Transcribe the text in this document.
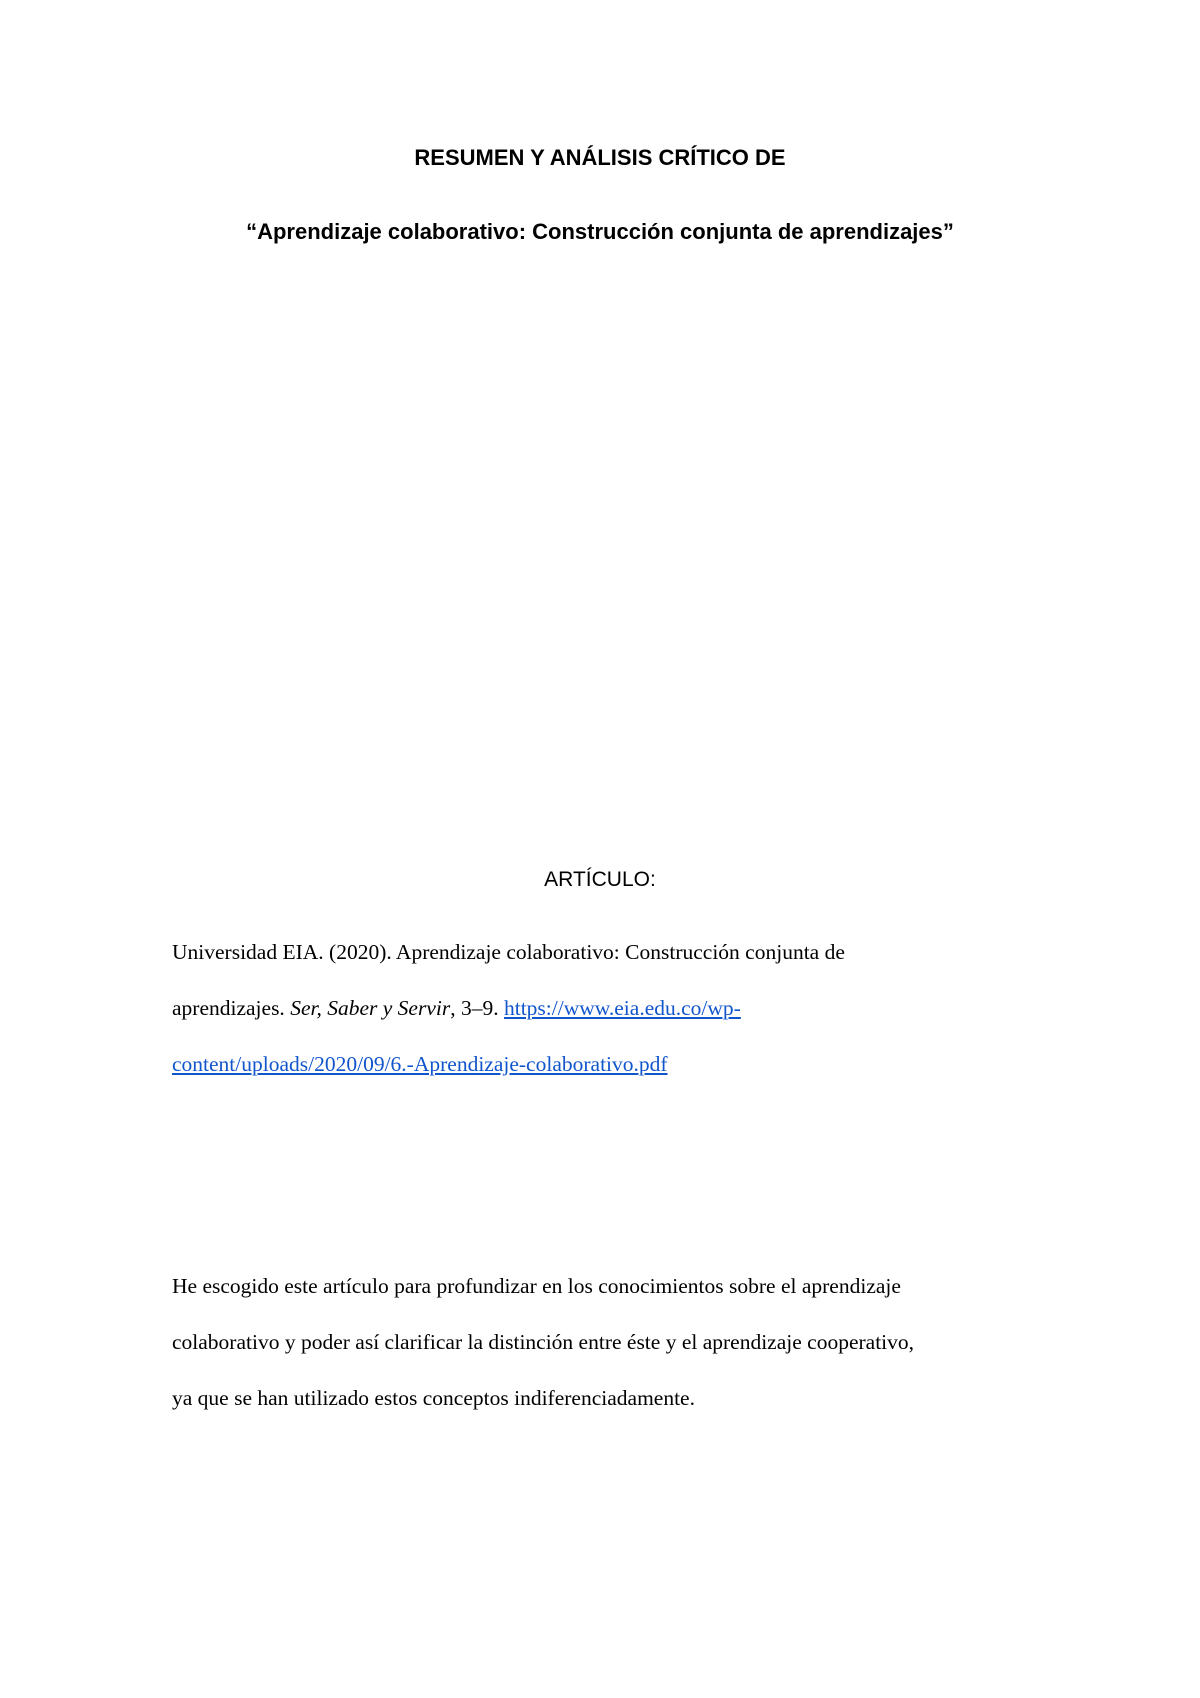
RESUMEN Y ANÁLISIS CRÍTICO DE
“Aprendizaje colaborativo: Construcción conjunta de aprendizajes”

ARTÍCULO:

Universidad EIA. (2020). Aprendizaje colaborativo: Construcción conjunta de
aprendizajes. Ser, Saber y Servir, 3–9. https://www.eia.edu.co/wp-
content/uploads/2020/09/6.-Aprendizaje-colaborativo.pdf
He escogido este artículo para profundizar en los conocimientos sobre el aprendizaje
colaborativo y poder así clarificar la distinción entre éste y el aprendizaje cooperativo,
ya que se han utilizado estos conceptos indiferenciadamente.
